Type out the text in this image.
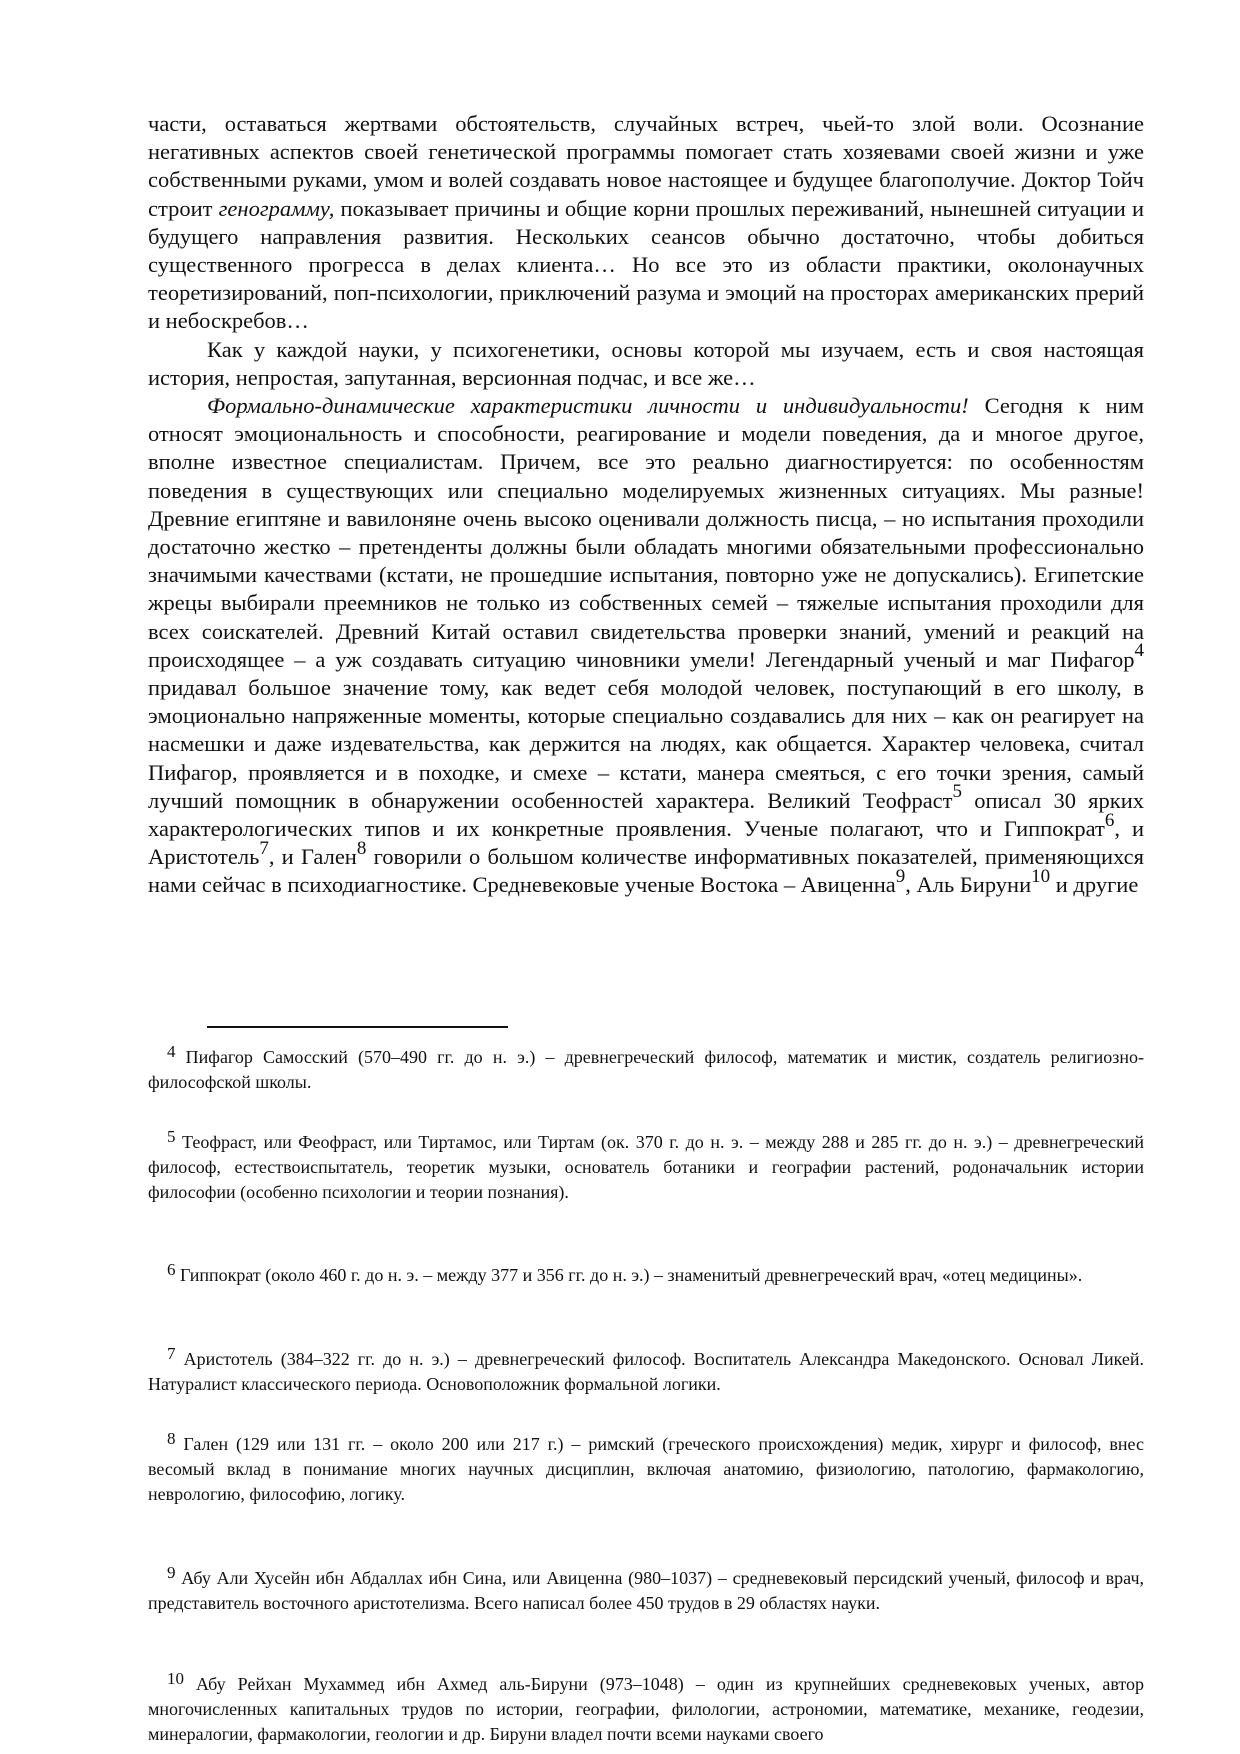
части, оставаться жертвами обстоятельств, случайных встреч, чьей-то злой воли. Осознание негативных аспектов своей генетической программы помогает стать хозяевами своей жизни и уже собственными руками, умом и волей создавать новое настоящее и будущее благополучие. Доктор Тойч строит генограмму, показывает причины и общие корни прошлых переживаний, нынешней ситуации и будущего направления развития. Нескольких сеансов обычно достаточно, чтобы добиться существенного прогресса в делах клиента… Но все это из области практики, околонаучных теоретизирований, поп-психологии, приключений разума и эмоций на просторах американских прерий и небоскребов…

Как у каждой науки, у психогенетики, основы которой мы изучаем, есть и своя настоящая история, непростая, запутанная, версионная подчас, и все же…

Формально-динамические характеристики личности и индивидуальности! Сегодня к ним относят эмоциональность и способности, реагирование и модели поведения, да и многое другое, вполне известное специалистам. Причем, все это реально диагностируется: по особенностям поведения в существующих или специально моделируемых жизненных ситуациях. Мы разные! Древние египтяне и вавилоняне очень высоко оценивали должность писца, – но испытания проходили достаточно жестко – претенденты должны были обладать многими обязательными профессионально значимыми качествами (кстати, не прошедшие испытания, повторно уже не допускались). Египетские жрецы выбирали преемников не только из собственных семей – тяжелые испытания проходили для всех соискателей. Древний Китай оставил свидетельства проверки знаний, умений и реакций на происходящее – а уж создавать ситуацию чиновники умели! Легендарный ученый и маг Пифагор$^4$ придавал большое значение тому, как ведет себя молодой человек, поступающий в его школу, в эмоционально напряженные моменты, которые специально создавались для них – как он реагирует на насмешки и даже издевательства, как держится на людях, как общается. Характер человека, считал Пифагор, проявляется и в походке, и смехе – кстати, манера смеяться, с его точки зрения, самый лучший помощник в обнаружении особенностей характера. Великий Теофраст$^5$ описал 30 ярких характерологических типов и их конкретные проявления. Ученые полагают, что и Гиппократ$^6$, и Аристотель$^7$, и Гален$^8$ говорили о большом количестве информативных показателей, применяющихся нами сейчас в психодиагностике. Средневековые ученые Востока – Авиценна$^9$, Аль Бируни$^{10}$ и другие

$^4$ Пифагор Самосский (570–490 гг. до н. э.) – древнегреческий философ, математик и мистик, создатель религиозно-философской школы.

$^5$ Теофраст, или Феофраст, или Тиртамос, или Тиртам (ок. 370 г. до н. э. – между 288 и 285 гг. до н. э.) – древнегреческий философ, естествоиспытатель, теоретик музыки, основатель ботаники и географии растений, родоначальник истории философии (особенно психологии и теории познания).

$^6$ Гиппократ (около 460 г. до н. э. – между 377 и 356 гг. до н. э.) – знаменитый древнегреческий врач, «отец медицины».

$^7$ Аристотель (384–322 гг. до н. э.) – древнегреческий философ. Воспитатель Александра Македонского. Основал Ликей. Натуралист классического периода. Основоположник формальной логики.

$^8$ Гален (129 или 131 гг. – около 200 или 217 г.) – римский (греческого происхождения) медик, хирург и философ, внес весомый вклад в понимание многих научных дисциплин, включая анатомию, физиологию, патологию, фармакологию, неврологию, философию, логику.

$^9$ Абу Али Хусейн ибн Абдаллах ибн Сина, или Авиценна (980–1037) – средневековый персидский ученый, философ и врач, представитель восточного аристотелизма. Всего написал более 450 трудов в 29 областях науки.

$^{10}$ Абу Рейхан Мухаммед ибн Ахмед аль-Бируни (973–1048) – один из крупнейших средневековых ученых, автор многочисленных капитальных трудов по истории, географии, филологии, астрономии, математике, механике, геодезии, минералогии, фармакологии, геологии и др. Бируни владел почти всеми науками своего
